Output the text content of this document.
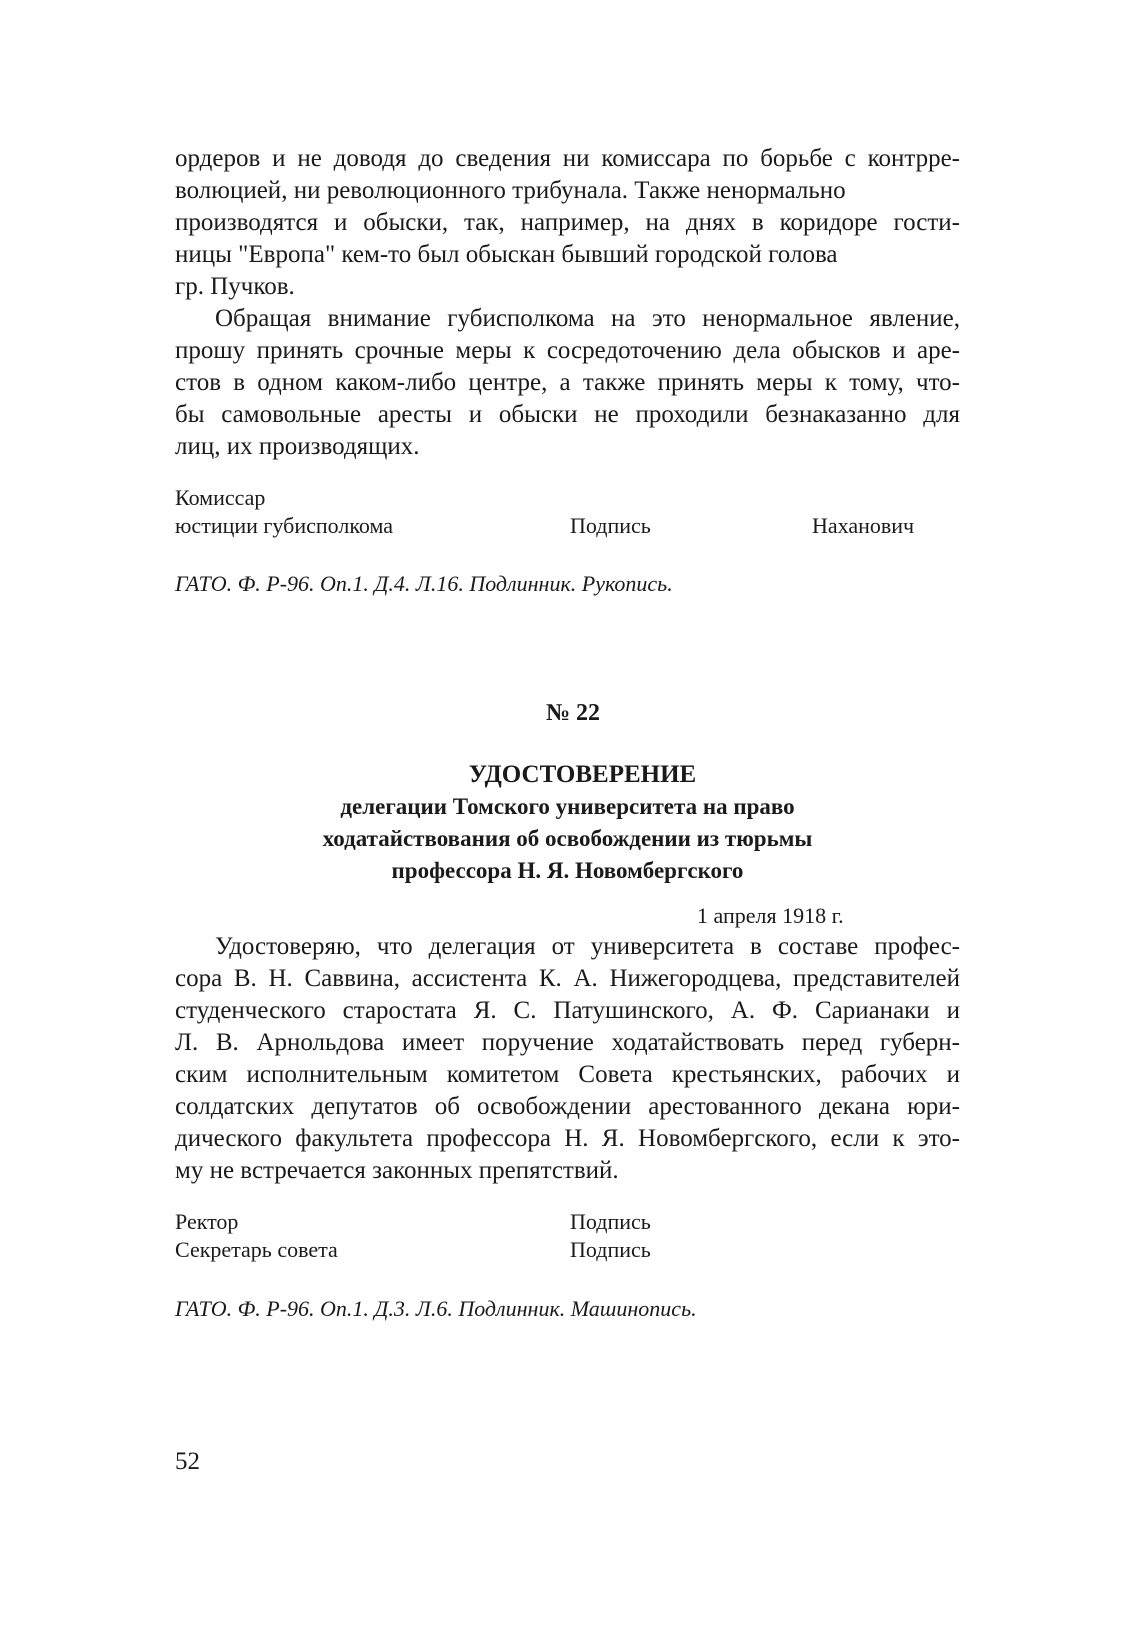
ордеров и не доводя до сведения ни комиссара по борьбе с контрре-
волюцией, ни революционного трибунала. Также ненормально
производятся и обыски, так, например, на днях в коридоре гости-
ницы "Европа" кем-то был обыскан бывший городской голова
гр. Пучков.
Обращая внимание губисполкома на это ненормальное явление,
прошу принять срочные меры к сосредоточению дела обысков и аре-
стов в одном каком-либо центре, а также принять меры к тому, что-
бы самовольные аресты и обыски не проходили безнаказанно для
лиц, их производящих.
Комиссар
юстиции губисполкома	Подпись	Наханович
ГАТО. Ф. Р-96. Оп.1. Д.4. Л.16. Подлинник. Рукопись.
№ 22
УДОСТОВЕРЕНИЕ
делегации Томского университета на право
ходатайствования об освобождении из тюрьмы
профессора Н. Я. Новомбергского
1 апреля 1918 г.
Удостоверяю, что делегация от университета в составе профес-
сора В. Н. Саввина, ассистента К. А. Нижегородцева, представителей
студенческого старостата Я. С. Патушинского, А. Ф. Сарианаки и
Л. В. Арнольдова имеет поручение ходатайствовать перед губерн-
ским исполнительным комитетом Совета крестьянских, рабочих и
солдатских депутатов об освобождении арестованного декана юри-
дического факультета профессора Н. Я. Новомбергского, если к это-
му не встречается законных препятствий.
Ректор	Подпись
Секретарь совета	Подпись
ГАТО. Ф. Р-96. Оп.1. Д.3. Л.6. Подлинник. Машинопись.
52
